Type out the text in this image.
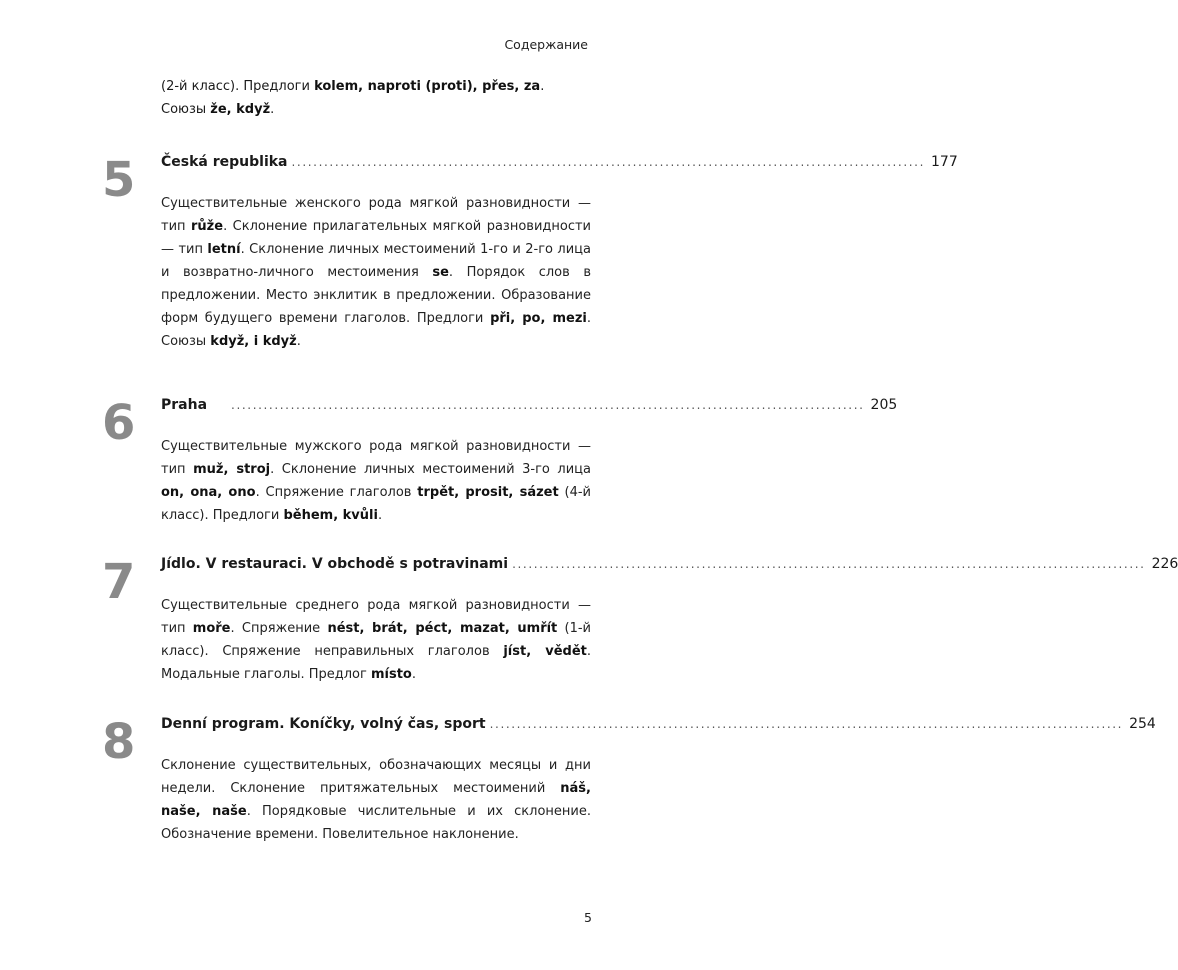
Содержание
(2-й класс). Предлоги kolem, naproti (proti), přes, za. Союзы že, když.
5	Česká republika ..................................................................................................................... 177
Существительные женского рода мягкой разновидности — тип růže. Склонение прилагательных мягкой разновидности — тип letní. Склонение личных местоимений 1-го и 2-го лица и возвратно-личного местоимения se. Порядок слов в предложении. Место энклитик в предложении. Образование форм будущего времени глаголов. Предлоги při, po, mezi. Союзы když, i když.
6	Praha	..................................................................................................................... 205
Существительные мужского рода мягкой разновидности — тип muž, stroj. Склонение личных местоимений 3-го лица on, ona, ono. Спряжение глаголов trpět, prosit, sázet (4-й класс). Предлоги během, kvůli.
7	Jídlo. V restauraci. V obchodě s potravinami ..................................................................................................................... 226
Существительные среднего рода мягкой разновидности — тип moře. Спряжение nést, brát, péct, mazat, umřít (1-й класс). Спряжение неправильных глаголов jíst, vědět. Модальные глаголы. Предлог místo.
8	Denní program. Koníčky, volný čas, sport ..................................................................................................................... 254
Склонение существительных, обозначающих месяцы и дни недели. Склонение притяжательных местоимений náš, naše, naše. Порядковые числительные и их склонение. Обозначение времени. Повелительное наклонение.
5
